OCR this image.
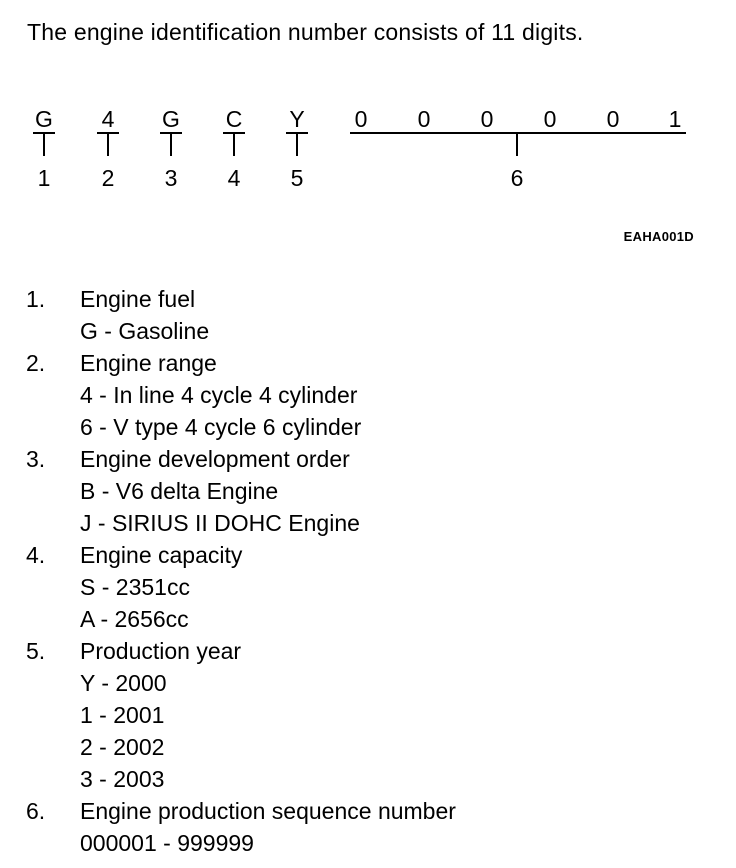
The engine identification number consists of 11 digits.
G	4	G C	Y
1	2	3	4	5
0	0	0	0	0	1
6
EAHA001D
1.	Engine fuel
G - Gasoline
2.	Engine range
4 - In line 4 cycle 4 cylinder
6 - V type 4 cycle 6 cylinder
3.	Engine development order
B - V6 delta Engine
J - SIRIUS II DOHC Engine
4.	Engine capacity
S - 2351cc
A - 2656cc
5.	Production year
Y - 2000
1 - 2001
2 - 2002
3 - 2003
6.	Engine production sequence number
000001 - 999999
